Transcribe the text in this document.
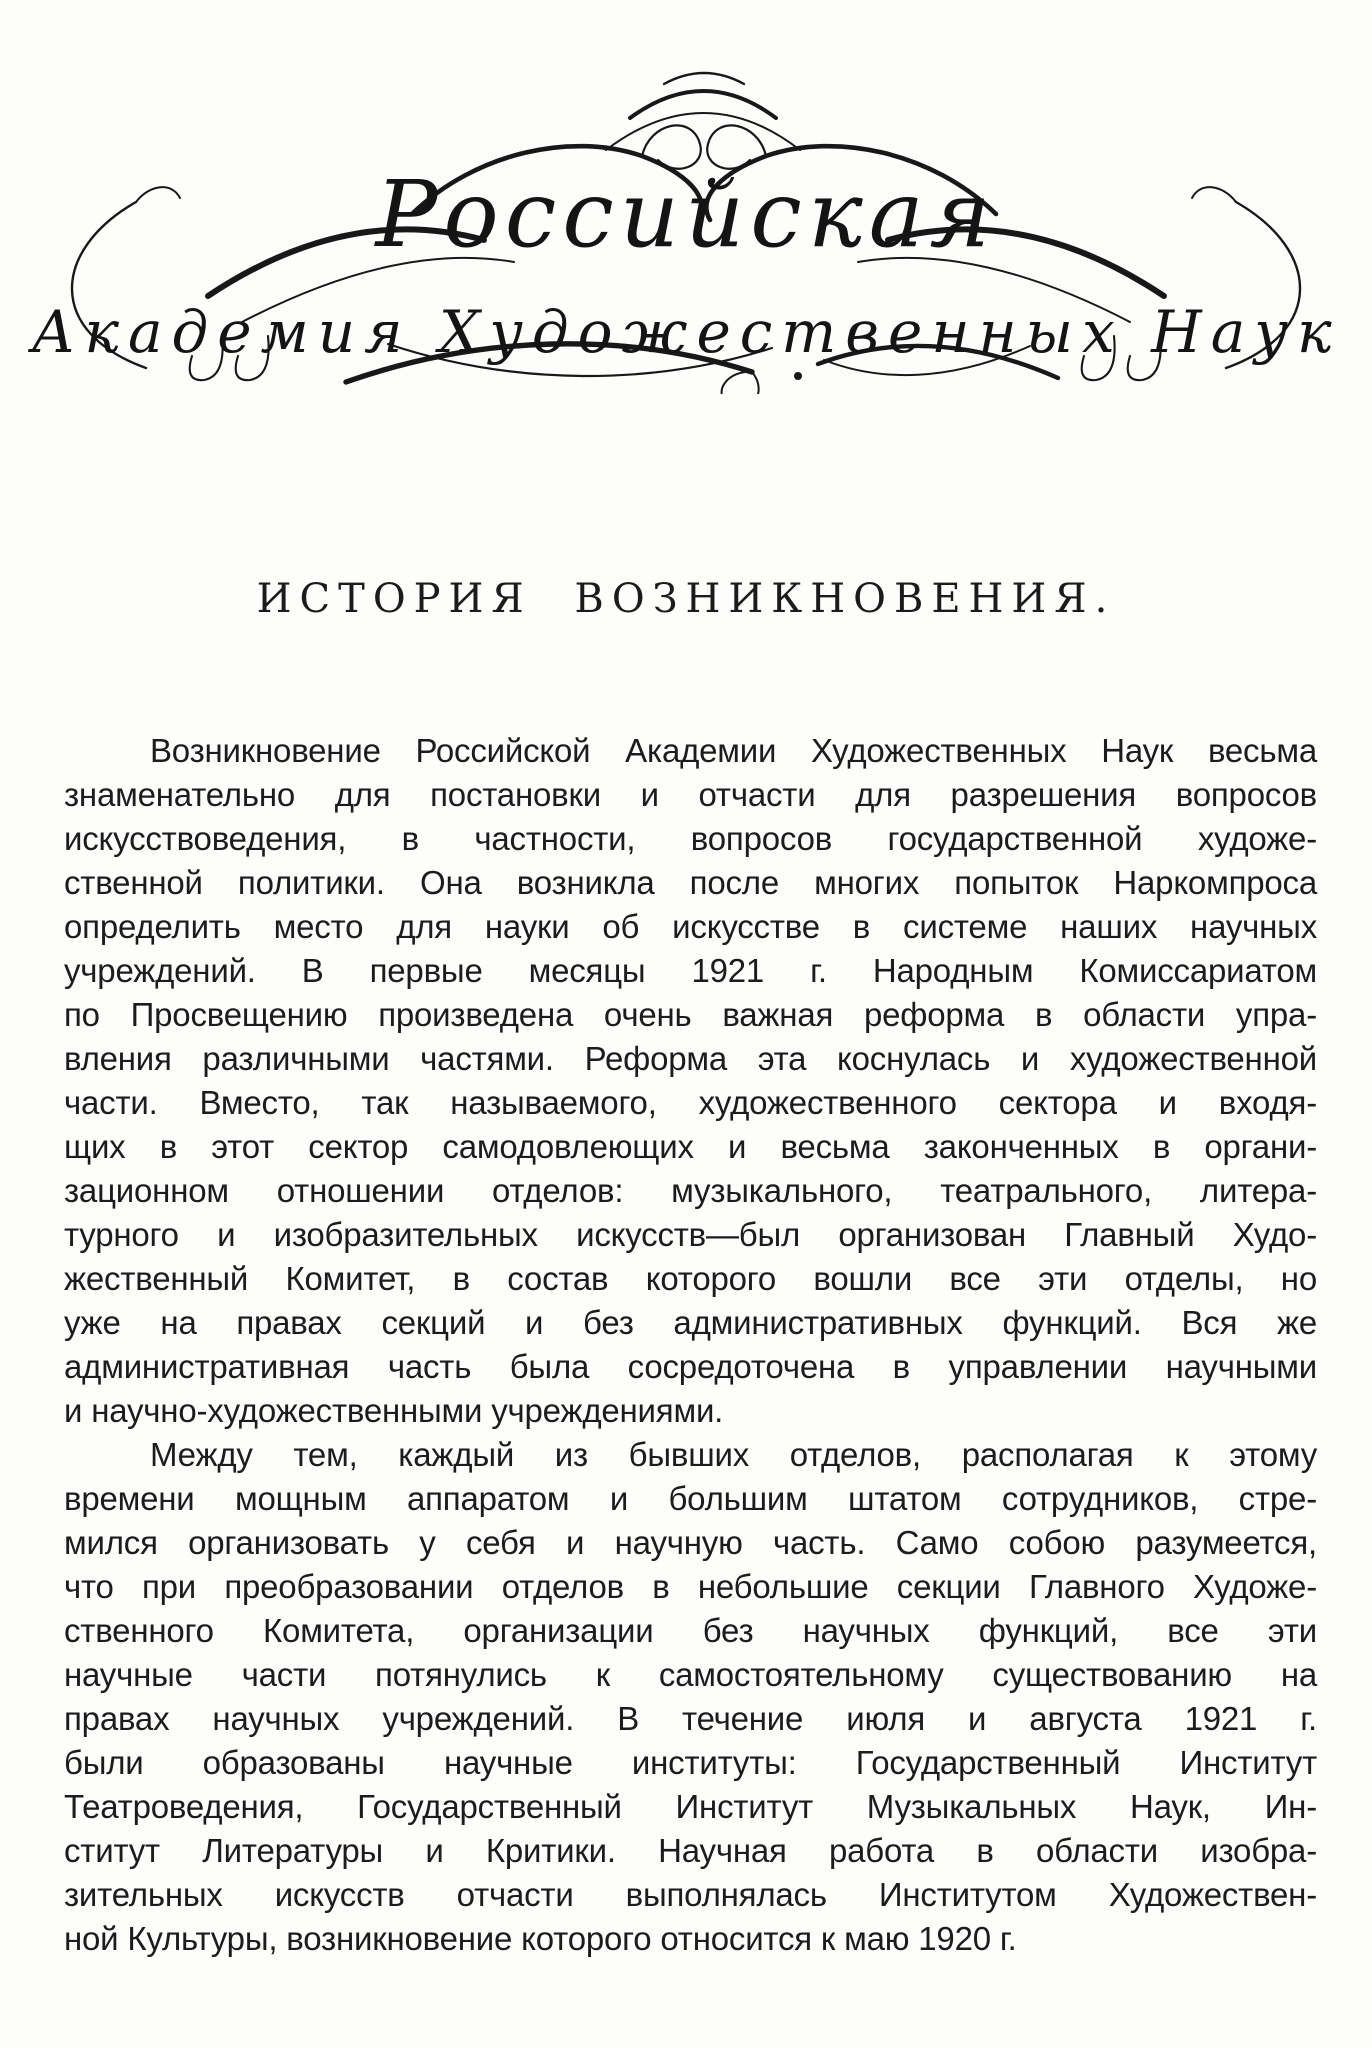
Российская
Академия Художественных Наук
ИСТОРИЯ ВОЗНИКНОВЕНИЯ.
Возникновение Российской Академии Художественных Наук весьма
знаменательно для постановки и отчасти для разрешения вопросов
искусствоведения, в частности, вопросов государственной художе-
ственной политики. Она возникла после многих попыток Наркомпроса
определить место для науки об искусстве в системе наших научных
учреждений. В первые месяцы 1921 г. Народным Комиссариатом
по Просвещению произведена очень важная реформа в области упра-
вления различными частями. Реформа эта коснулась и художественной
части. Вместо, так называемого, художественного сектора и входя-
щих в этот сектор самодовлеющих и весьма законченных в органи-
зационном отношении отделов: музыкального, театрального, литера-
турного и изобразительных искусств—был организован Главный Худо-
жественный Комитет, в состав которого вошли все эти отделы, но
уже на правах секций и без административных функций. Вся же
административная часть была сосредоточена в управлении научными
и научно-художественными учреждениями.
Между тем, каждый из бывших отделов, располагая к этому
времени мощным аппаратом и большим штатом сотрудников, стре-
мился организовать у себя и научную часть. Само собою разумеется,
что при преобразовании отделов в небольшие секции Главного Художе-
ственного Комитета, организации без научных функций, все эти
научные части потянулись к самостоятельному существованию на
правах научных учреждений. В течение июля и августа 1921 г.
были образованы научные институты: Государственный Институт
Театроведения, Государственный Институт Музыкальных Наук, Ин-
ститут Литературы и Критики. Научная работа в области изобра-
зительных искусств отчасти выполнялась Институтом Художествен-
ной Культуры, возникновение которого относится к маю 1920 г.
